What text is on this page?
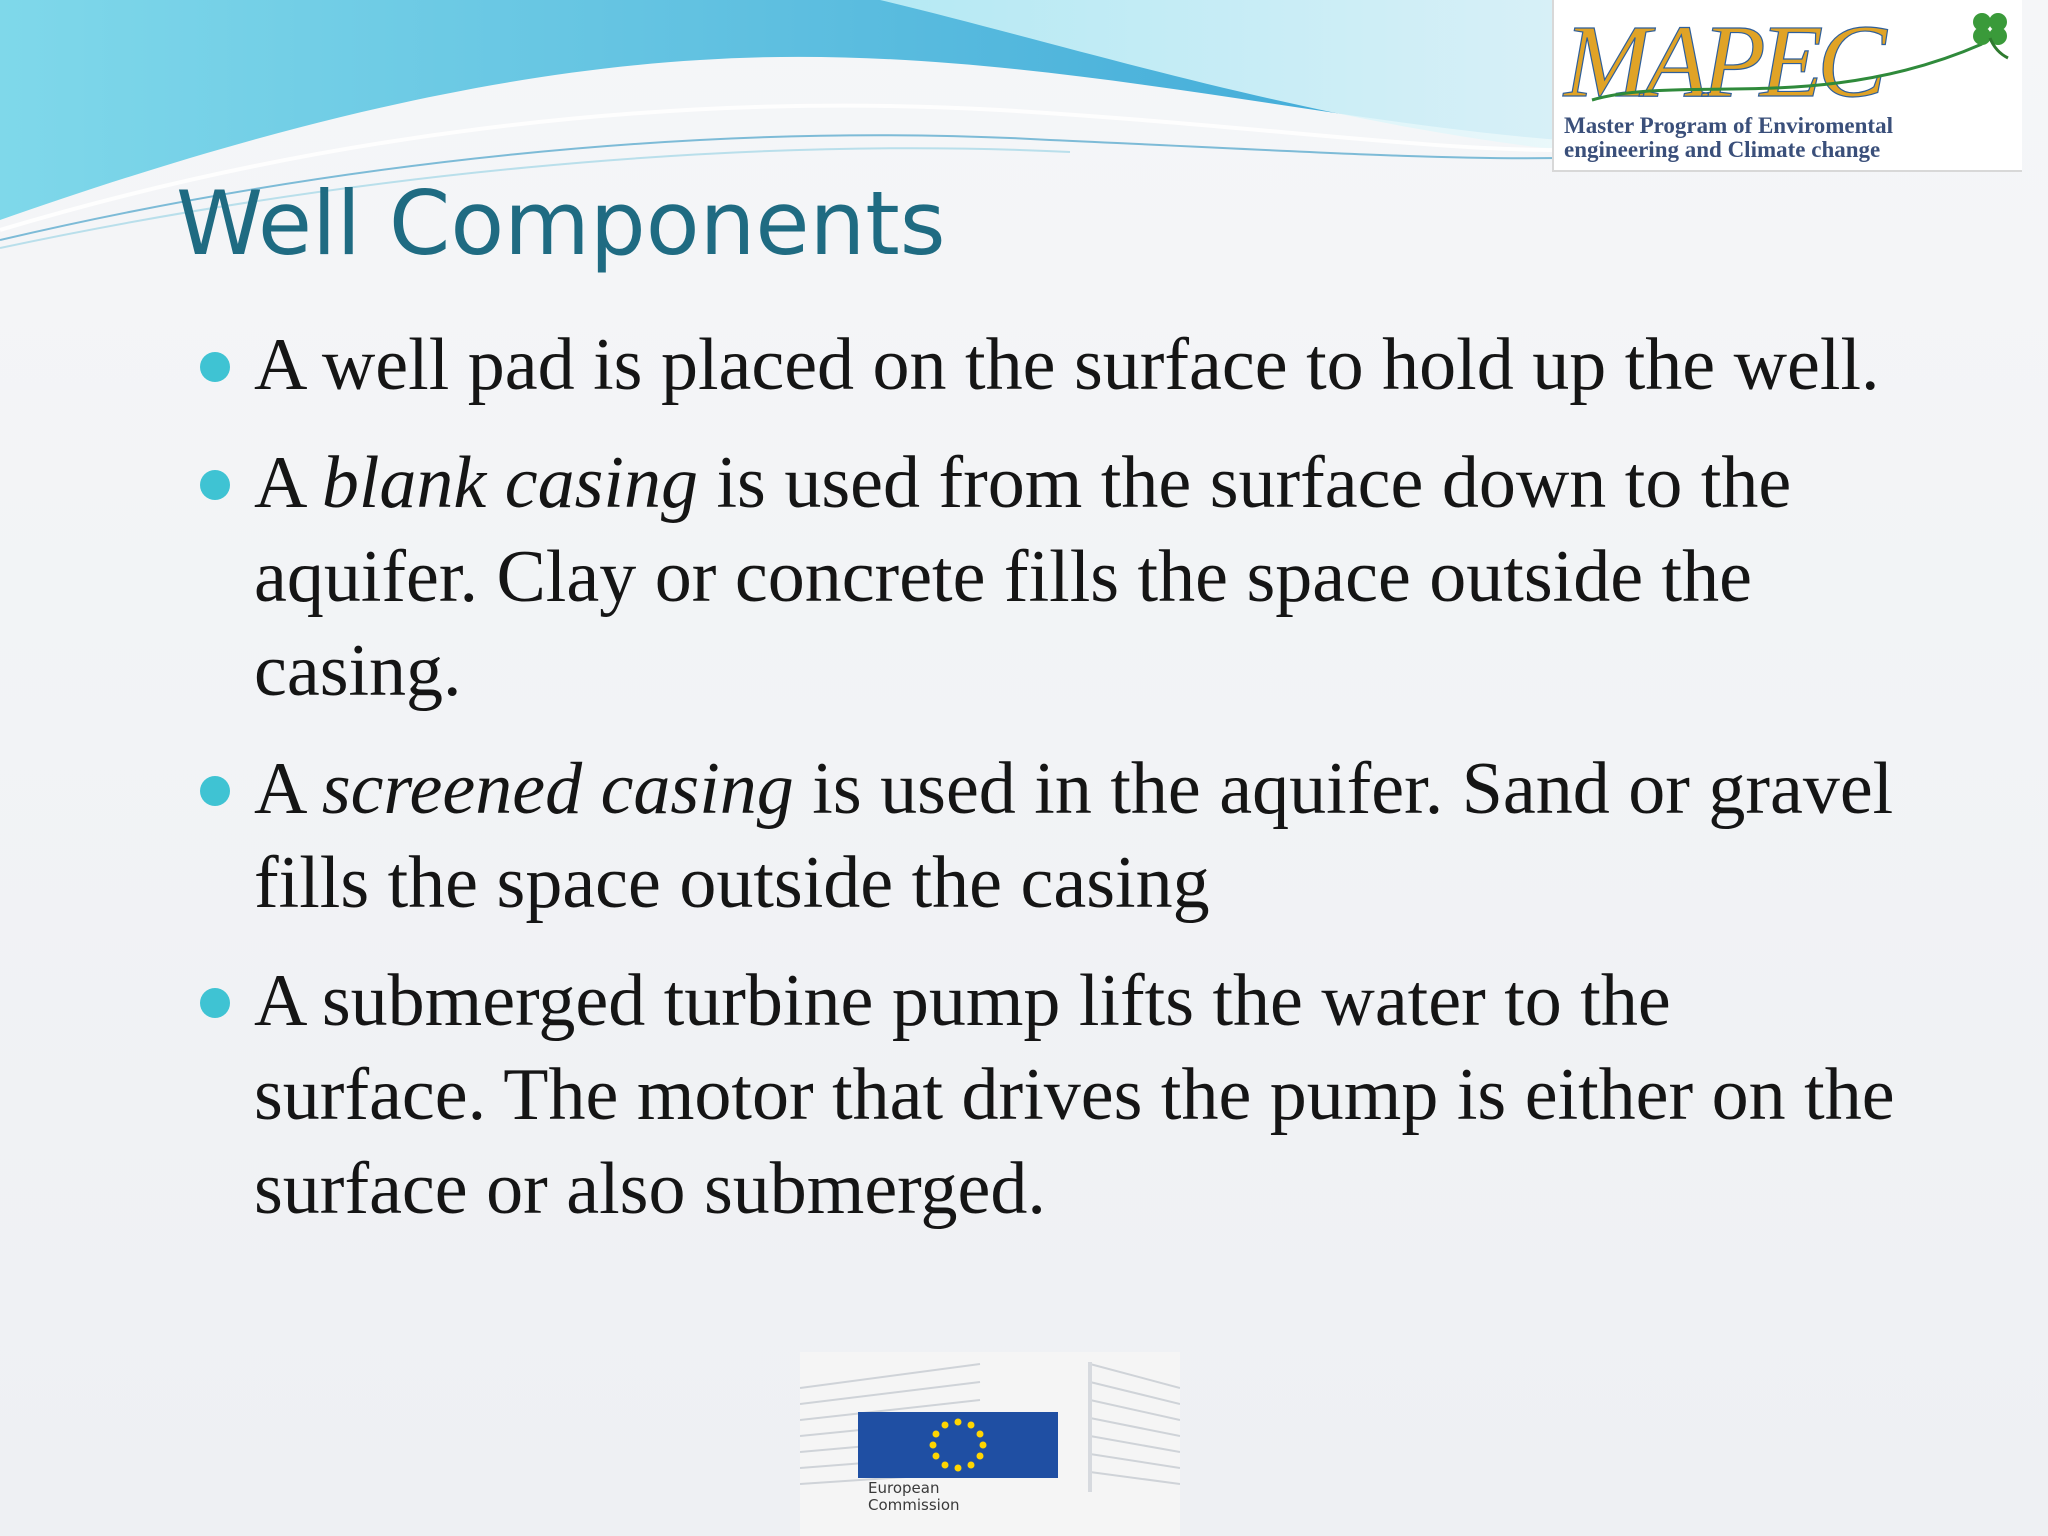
MAPEC
Master Program of Enviromental
engineering and Climate change
Well Components
A well pad is placed on the surface to hold up the well.
A blank casing is used from the surface down to the aquifer. Clay or concrete fills the space outside the casing.
A screened casing is used in the aquifer. Sand or gravel fills the space outside the casing
A submerged turbine pump lifts the water to the surface. The motor that drives the pump is either on the surface or also submerged.
European
Commission
